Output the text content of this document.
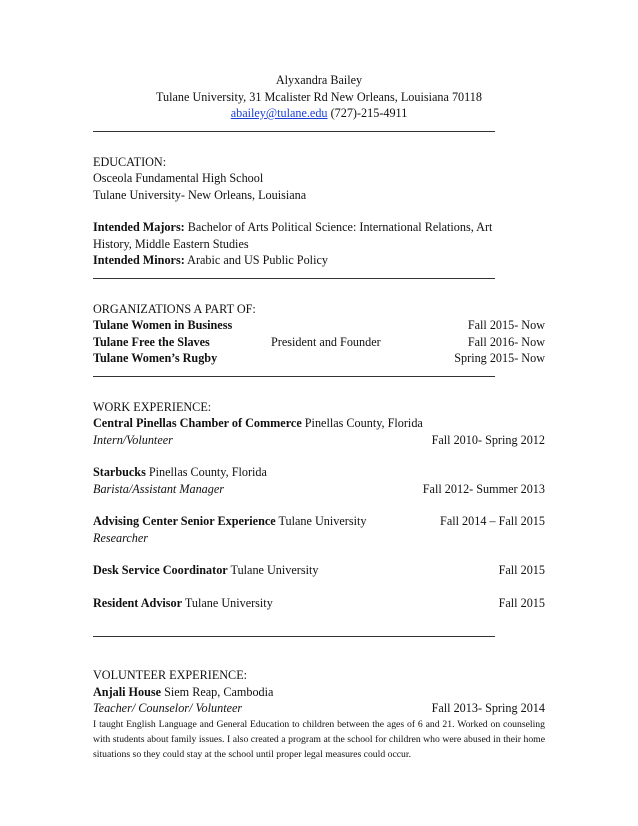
Alyxandra Bailey
Tulane University, 31 Mcalister Rd New Orleans, Louisiana 70118
abailey@tulane.edu (727)-215-4911
EDUCATION:
Osceola Fundamental High School
Tulane University- New Orleans, Louisiana
Intended Majors: Bachelor of Arts Political Science: International Relations, Art
History, Middle Eastern Studies
Intended Minors: Arabic and US Public Policy
ORGANIZATIONS A PART OF:
Tulane Women in Business	Fall 2015- Now
Tulane Free the Slaves	President and Founder	Fall 2016- Now
Tulane Women’s Rugby	Spring 2015- Now
WORK EXPERIENCE:
Central Pinellas Chamber of Commerce Pinellas County, Florida
Intern/Volunteer	Fall 2010- Spring 2012
Starbucks Pinellas County, Florida
Barista/Assistant Manager	Fall 2012- Summer 2013
Advising Center Senior Experience Tulane University	Fall 2014 – Fall 2015
Researcher
Desk Service Coordinator Tulane University	Fall 2015
Resident Advisor Tulane University	Fall 2015
VOLUNTEER EXPERIENCE:
Anjali House Siem Reap, Cambodia
Teacher/ Counselor/ Volunteer	Fall 2013- Spring 2014
I taught English Language and General Education to children between the ages of 6 and 21. Worked on counseling with students about family issues. I also created a program at the school for children who were abused in their home situations so they could stay at the school until proper legal measures could occur.
